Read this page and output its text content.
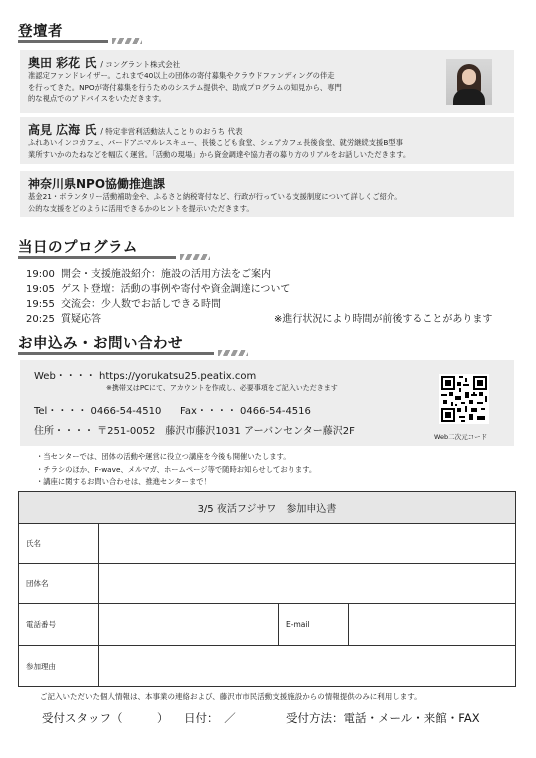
登壇者
奥田 彩花 氏 / コングラント株式会社
准認定ファンドレイザー。これまで40以上の団体の寄付募集やクラウドファンディングの伴走
を行ってきた。NPOが寄付募集を行うためのシステム提供や、助成プログラムの知見から、専門
的な視点でのアドバイスをいただきます。
高見 広海 氏 / 特定非営利活動法人ことりのおうち 代表
ふれあいインコカフェ、バードアニマルレスキュー、長後こども食堂、シェアカフェ長後食堂、就労継続支援B型事
業所すいかのたねなどを幅広く運営。「活動の現場」から資金調達や協力者の募り方のリアルをお話しいただきます。
神奈川県NPO協働推進課
基金21・ボランタリー活動補助金や、ふるさと納税寄付など、行政が行っている支援制度について詳しくご紹介。
公的な支援をどのように活用できるかのヒントを提示いただきます。
当日のプログラム
19:00 開会・支援施設紹介：施設の活用方法をご案内
19:05 ゲスト登壇：活動の事例や寄付や資金調達について
19:55 交流会：少人数でお話しできる時間
20:25 質疑応答	※進行状況により時間が前後することがあります
お申込み・お問い合わせ
Web・・・・ https://yorukatsu25.peatix.com
※携帯又はPCにて、アカウントを作成し、必要事項をご記入いただきます
Tel・・・・ 0466-54-4510 Fax・・・・ 0466-54-4516
住所・・・・ 〒251-0052　藤沢市藤沢1031 アーバンセンター藤沢2F	Web二次元コード
・当センターでは、団体の活動や運営に役立つ講座を今後も開催いたします。
・チラシのほか、F-wave、メルマガ、ホームページ等で随時お知らせしております。
・講座に関するお問い合わせは、推進センターまで！
3/5 夜活フジサワ　参加申込書			
氏名			
団体名			
電話番号		E-mail	
参加理由			
ご記入いただいた個人情報は、本事業の連絡および、藤沢市市民活動支援施設からの情報提供のみに利用します。
受付スタッフ（　　　） 日付：　／	受付方法：電話・メール・来館・FAX
